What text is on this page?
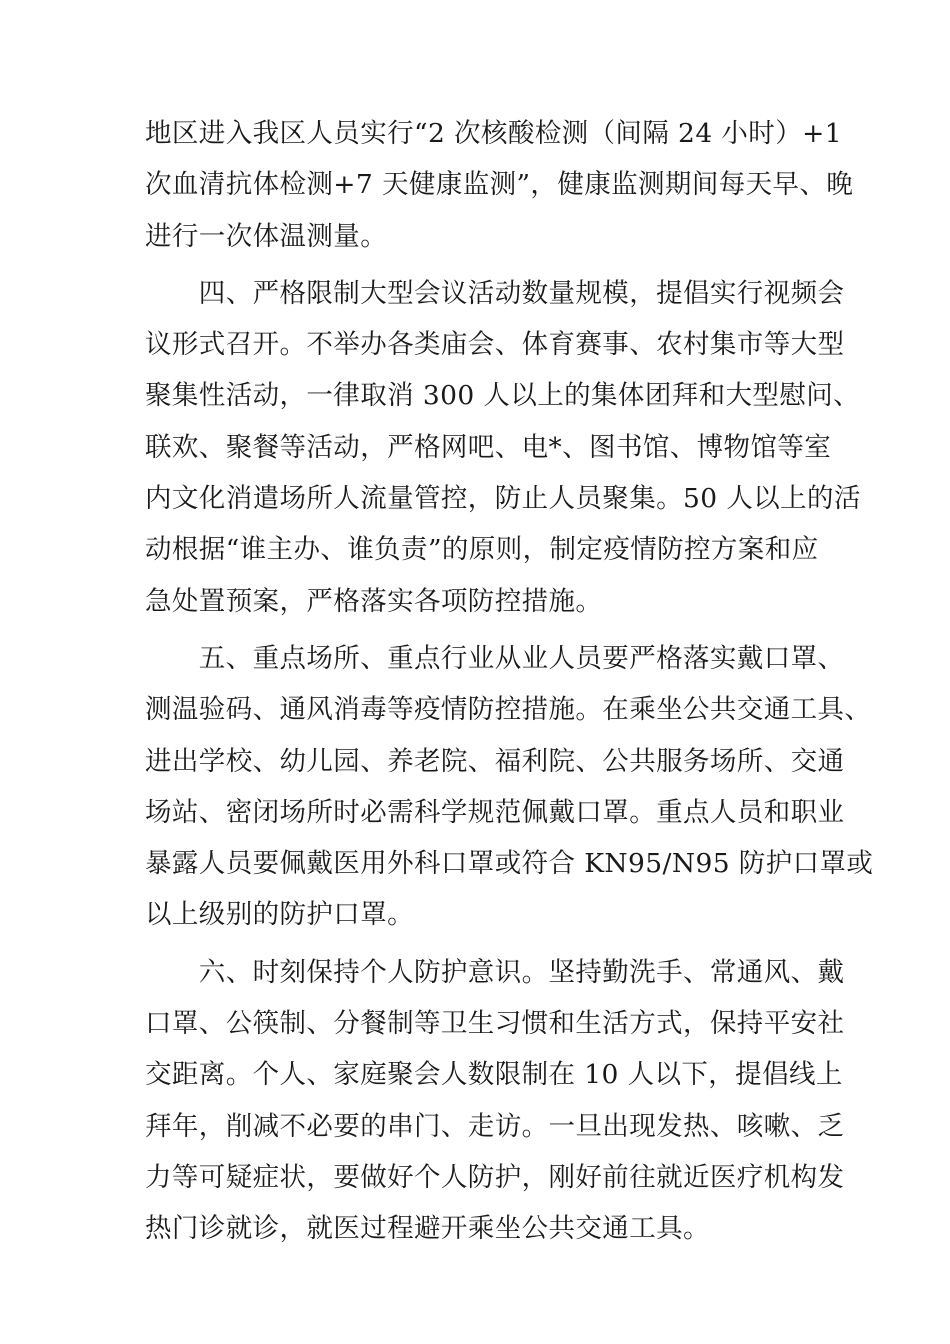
地区进入我区人员实行“2 次核酸检测（间隔 24 小时）+1
次血清抗体检测+7 天健康监测”，健康监测期间每天早、晚
进行一次体温测量。
　　四、严格限制大型会议活动数量规模，提倡实行视频会
议形式召开。不举办各类庙会、体育赛事、农村集市等大型
聚集性活动，一律取消 300 人以上的集体团拜和大型慰问、
联欢、聚餐等活动，严格网吧、电*、图书馆、博物馆等室
内文化消遣场所人流量管控，防止人员聚集。50 人以上的活
动根据“谁主办、谁负责”的原则，制定疫情防控方案和应
急处置预案，严格落实各项防控措施。
　　五、重点场所、重点行业从业人员要严格落实戴口罩、
测温验码、通风消毒等疫情防控措施。在乘坐公共交通工具、
进出学校、幼儿园、养老院、福利院、公共服务场所、交通
场站、密闭场所时必需科学规范佩戴口罩。重点人员和职业
暴露人员要佩戴医用外科口罩或符合 KN95/N95 防护口罩或
以上级别的防护口罩。
　　六、时刻保持个人防护意识。坚持勤洗手、常通风、戴
口罩、公筷制、分餐制等卫生习惯和生活方式，保持平安社
交距离。个人、家庭聚会人数限制在 10 人以下，提倡线上
拜年，削减不必要的串门、走访。一旦出现发热、咳嗽、乏
力等可疑症状，要做好个人防护，刚好前往就近医疗机构发
热门诊就诊，就医过程避开乘坐公共交通工具。
